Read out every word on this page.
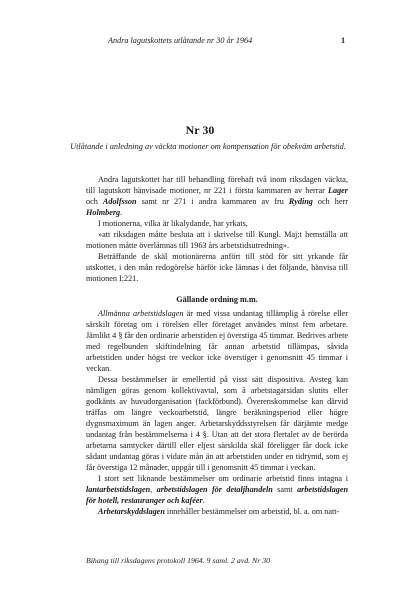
Andra lagutskottets utlåtande nr 30 år 1964	1
Nr 30
Utlåtande i anledning av väckta motioner om kompensation för obekväm arbetstid.

Andra lagutskottet har till behandling förehaft två inom riksdagen väckta, till lagutskott hänvisade motioner, nr 221 i första kammaren av herrar Lager och Adolfsson samt nr 271 i andra kammaren av fru Ryding och herr Holmberg.

I motionerna, vilka är likalydande, har yrkats,

»att riksdagen måtte besluta att i skrivelse till Kungl. Maj:t hemställa att motionen måtte överlämnas till 1963 års arbetstidsutredning».

Beträffande de skäl motionärerna anfört till stöd för sitt yrkande får utskottet, i den mån redogörelse härför icke lämnas i det följande, hänvisa till motionen I:221.

Gällande ordning m.m.

Allmänna arbetstidslagen är med vissa undantag tillämplig å rörelse eller särskilt företag om i rörelsen eller företaget användes minst fem arbetare. Jämlikt 4 § får den ordinarie arbetstiden ej överstiga 45 timmar. Bedrives arbete med regelbunden skiftindelning får annan arbetstid tillämpas, såvida arbetstiden under högst tre veckor icke överstiger i genomsnitt 45 timmar i veckan.

Dessa bestämmelser är emellertid på visst sätt dispositiva. Avsteg kan nämligen göras genom kollektivavtal, som å arbetstagarsidan slutits eller godkänts av huvudorganisation (fackförbund). Överenskommelse kan därvid träffas om längre veckoarbetstid, längre beräkningsperiod eller högre dygnsmaximum än lagen anger. Arbetarskyddsstyrelsen får därjämte medge undantag från bestämmelserna i 4 §. Utan att det stora flertalet av de berörda arbetarna samtycker därtill eller eljest särskilda skäl föreligger får dock icke sådant undantag göras i vidare mån än att arbetstiden under en tidrymd, som ej får överstiga 12 månader, uppgår till i genomsnitt 45 timmar i veckan.

I stort sett liknande bestämmelser om ordinarie arbetstid finns intagna i lantarbetstidslagen, arbetstidslagen för detaljhandeln samt arbetstidslagen för hotell, restauranger och kaféer.

Arbetarskyddslagen innehåller bestämmelser om arbetstid, bl. a. om natt-

Bihang till riksdagens protokoll 1964. 9 saml. 2 avd. Nr 30
